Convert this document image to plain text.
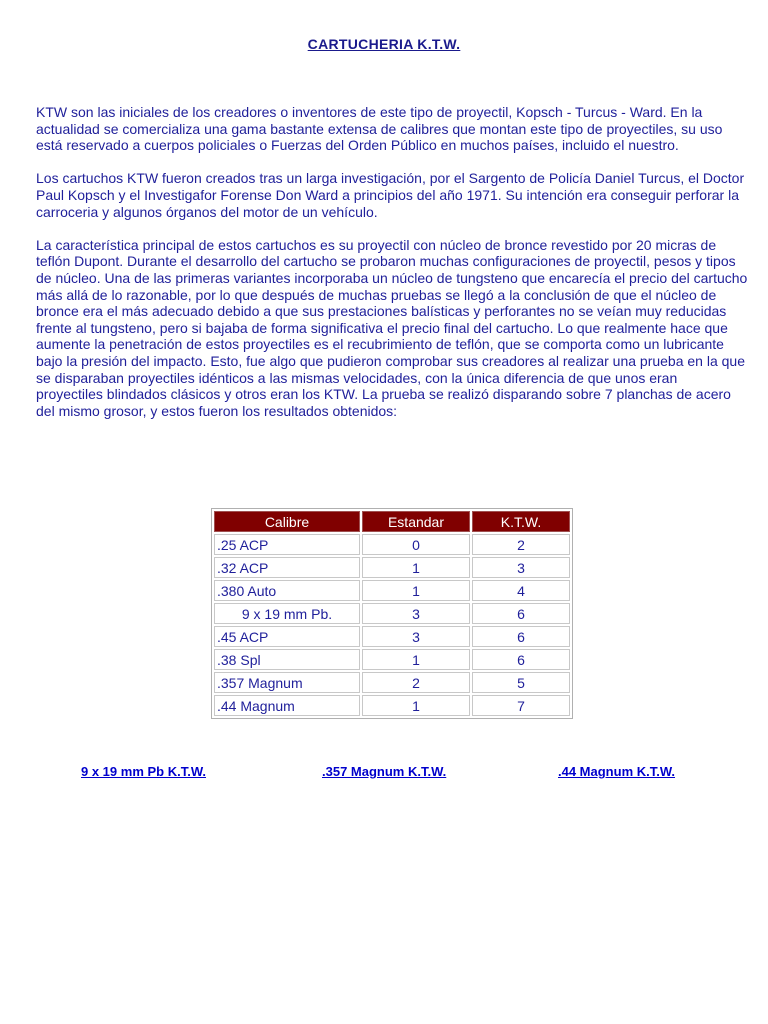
CARTUCHERIA K.T.W.

KTW son las iniciales de los creadores o inventores de este tipo de proyectil, Kopsch - Turcus - Ward. En la actualidad se comercializa una gama bastante extensa de calibres que montan este tipo de proyectiles, su uso está reservado a cuerpos policiales o Fuerzas del Orden Público en muchos países, incluido el nuestro.

Los cartuchos KTW fueron creados tras un larga investigación, por el Sargento de Policía Daniel Turcus, el Doctor Paul Kopsch y el Investigafor Forense Don Ward a principios del año 1971. Su intención era conseguir perforar la carroceria y algunos órganos del motor de un vehículo.

La característica principal de estos cartuchos es su proyectil con núcleo de bronce revestido por 20 micras de teflón Dupont. Durante el desarrollo del cartucho se probaron muchas configuraciones de proyectil, pesos y tipos de núcleo. Una de las primeras variantes incorporaba un núcleo de tungsteno que encarecía el precio del cartucho más allá de lo razonable, por lo que después de muchas pruebas se llegó a la conclusión de que el núcleo de bronce era el más adecuado debido a que sus prestaciones balísticas y perforantes no se veían muy reducidas frente al tungsteno, pero si bajaba de forma significativa el precio final del cartucho. Lo que realmente hace que aumente la penetración de estos proyectiles es el recubrimiento de teflón, que se comporta como un lubricante bajo la presión del impacto. Esto, fue algo que pudieron comprobar sus creadores al realizar una prueba en la que se disparaban proyectiles idénticos a las mismas velocidades, con la única diferencia de que unos eran proyectiles blindados clásicos y otros eran los KTW. La prueba se realizó disparando sobre 7 planchas de acero del mismo grosor, y estos fueron los resultados obtenidos:

Calibre	Estandar	K.T.W.
.25 ACP	0	2
.32 ACP	1	3
.380 Auto	1	4
9 x 19 mm Pb.	3	6
.45 ACP	3	6
.38 Spl	1	6
.357 Magnum	2	5
.44 Magnum	1	7
9 x 19 mm Pb K.T.W.	.357 Magnum K.T.W.	.44 Magnum K.T.W.
